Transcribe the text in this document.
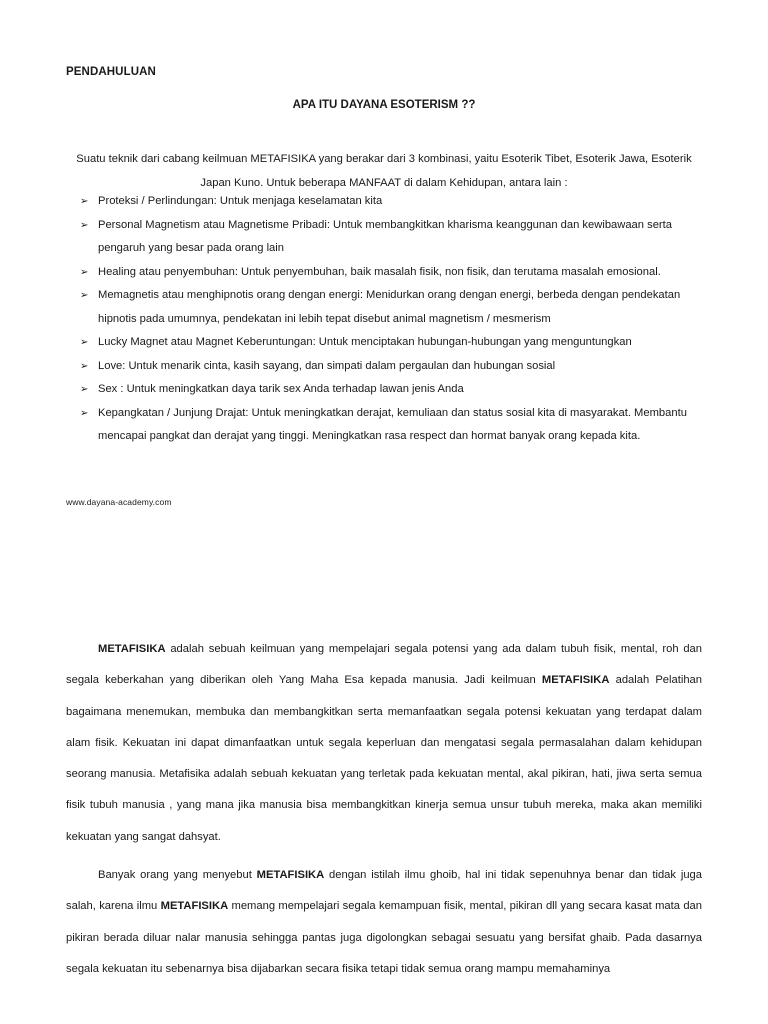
PENDAHULUAN
APA ITU DAYANA ESOTERISM ??
Suatu teknik dari cabang keilmuan METAFISIKA yang berakar dari 3 kombinasi, yaitu Esoterik Tibet, Esoterik Jawa, Esoterik Japan Kuno. Untuk beberapa MANFAAT di dalam Kehidupan, antara lain :
➢ Proteksi / Perlindungan: Untuk menjaga keselamatan kita
➢ Personal Magnetism atau Magnetisme Pribadi: Untuk membangkitkan kharisma keanggunan dan kewibawaan serta pengaruh yang besar pada orang lain
➢ Healing atau penyembuhan: Untuk penyembuhan, baik masalah fisik, non fisik, dan terutama masalah emosional.
➢ Memagnetis atau menghipnotis orang dengan energi: Menidurkan orang dengan energi, berbeda dengan pendekatan hipnotis pada umumnya, pendekatan ini lebih tepat disebut animal magnetism / mesmerism
➢ Lucky Magnet atau Magnet Keberuntungan: Untuk menciptakan hubungan-hubungan yang menguntungkan
➢ Love: Untuk menarik cinta, kasih sayang, dan simpati dalam pergaulan dan hubungan sosial
➢ Sex : Untuk meningkatkan daya tarik sex Anda terhadap lawan jenis Anda
➢ Kepangkatan / Junjung Drajat: Untuk meningkatkan derajat, kemuliaan dan status sosial kita di masyarakat. Membantu mencapai pangkat dan derajat yang tinggi. Meningkatkan rasa respect dan hormat banyak orang kepada kita.
www.dayana-academy.com

METAFISIKA adalah sebuah keilmuan yang mempelajari segala potensi yang ada dalam tubuh fisik, mental, roh dan segala keberkahan yang diberikan oleh Yang Maha Esa kepada manusia. Jadi keilmuan METAFISIKA adalah Pelatihan bagaimana menemukan, membuka dan membangkitkan serta memanfaatkan segala potensi kekuatan yang terdapat dalam alam fisik. Kekuatan ini dapat dimanfaatkan untuk segala keperluan dan mengatasi segala permasalahan dalam kehidupan seorang manusia. Metafisika adalah sebuah kekuatan yang terletak pada kekuatan mental, akal pikiran, hati, jiwa serta semua fisik tubuh manusia , yang mana jika manusia bisa membangkitkan kinerja semua unsur tubuh mereka, maka akan memiliki kekuatan yang sangat dahsyat.

Banyak orang yang menyebut METAFISIKA dengan istilah ilmu ghoib, hal ini tidak sepenuhnya benar dan tidak juga salah, karena ilmu METAFISIKA memang mempelajari segala kemampuan fisik, mental, pikiran dll yang secara kasat mata dan pikiran berada diluar nalar manusia sehingga pantas juga digolongkan sebagai sesuatu yang bersifat ghaib. Pada dasarnya segala kekuatan itu sebenarnya bisa dijabarkan secara fisika tetapi tidak semua orang mampu memahaminya
